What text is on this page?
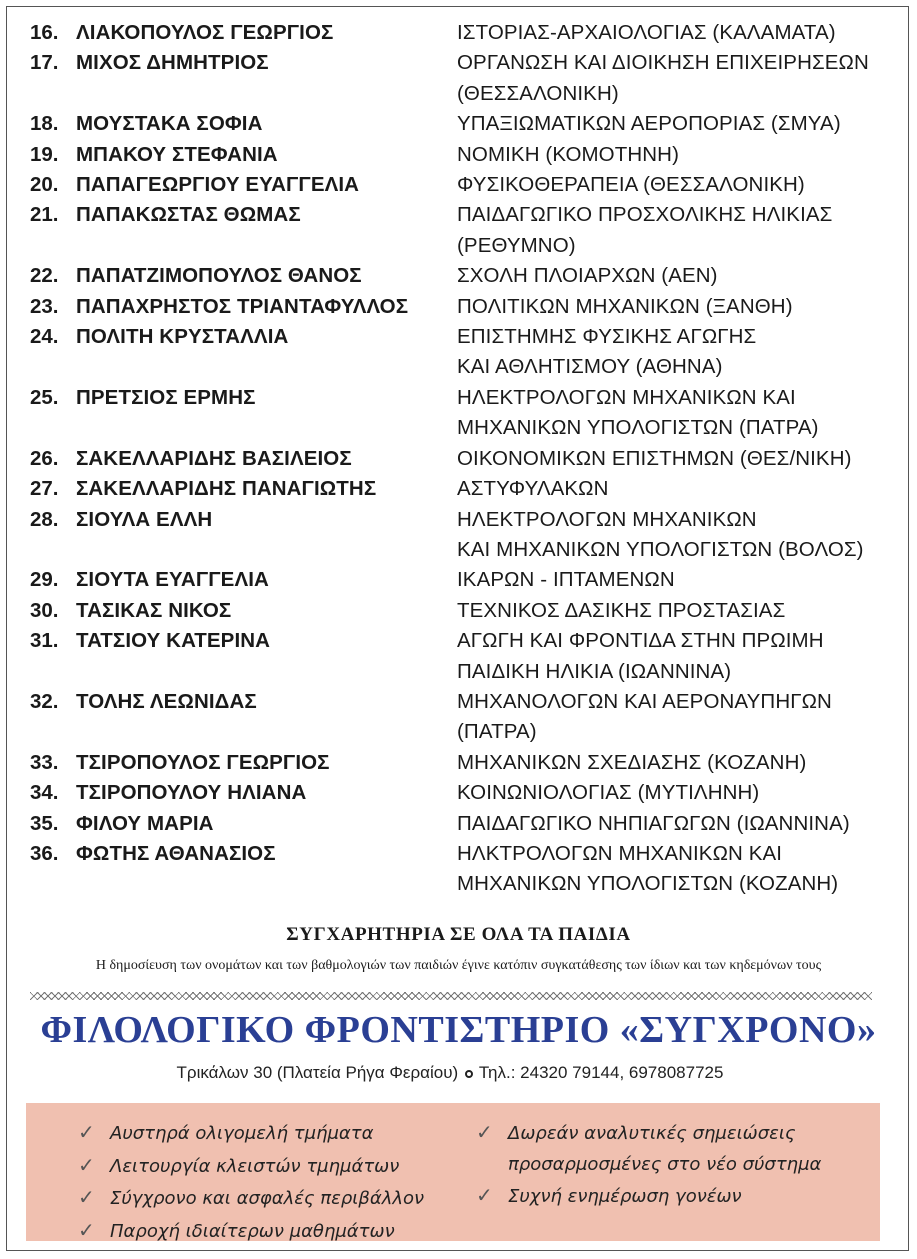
16. ΛΙΑΚΟΠΟΥΛΟΣ ΓΕΩΡΓΙΟΣ	ΙΣΤΟΡΙΑΣ-ΑΡΧΑΙΟΛΟΓΙΑΣ (ΚΑΛΑΜΑΤΑ)
17. ΜΙΧΟΣ ΔΗΜΗΤΡΙΟΣ	ΟΡΓΑΝΩΣΗ ΚΑΙ ΔΙΟΙΚΗΣΗ ΕΠΙΧΕΙΡΗΣΕΩΝ
(ΘΕΣΣΑΛΟΝΙΚΗ)
18. ΜΟΥΣΤΑΚΑ ΣΟΦΙΑ	ΥΠΑΞΙΩΜΑΤΙΚΩΝ ΑΕΡΟΠΟΡΙΑΣ (ΣΜΥΑ)
19. ΜΠΑΚΟΥ ΣΤΕΦΑΝΙΑ	ΝΟΜΙΚΗ (ΚΟΜΟΤΗΝΗ)
20. ΠΑΠΑΓΕΩΡΓΙΟΥ ΕΥΑΓΓΕΛΙΑ	ΦΥΣΙΚΟΘΕΡΑΠΕΙΑ (ΘΕΣΣΑΛΟΝΙΚΗ)
21. ΠΑΠΑΚΩΣΤΑΣ ΘΩΜΑΣ	ΠΑΙΔΑΓΩΓΙΚΟ ΠΡΟΣΧΟΛΙΚΗΣ ΗΛΙΚΙΑΣ
(ΡΕΘΥΜΝΟ)
22. ΠΑΠΑΤΖΙΜΟΠΟΥΛΟΣ ΘΑΝΟΣ	ΣΧΟΛΗ ΠΛΟΙΑΡΧΩΝ (ΑΕΝ)
23. ΠΑΠΑΧΡΗΣΤΟΣ ΤΡΙΑΝΤΑΦΥΛΛΟΣ	ΠΟΛΙΤΙΚΩΝ ΜΗΧΑΝΙΚΩΝ (ΞΑΝΘΗ)
24. ΠΟΛΙΤΗ ΚΡΥΣΤΑΛΛΙΑ	ΕΠΙΣΤΗΜΗΣ ΦΥΣΙΚΗΣ ΑΓΩΓΗΣ
ΚΑΙ ΑΘΛΗΤΙΣΜΟΥ (ΑΘΗΝΑ)
25. ΠΡΕΤΣΙΟΣ ΕΡΜΗΣ	ΗΛΕΚΤΡΟΛΟΓΩΝ ΜΗΧΑΝΙΚΩΝ ΚΑΙ
ΜΗΧΑΝΙΚΩΝ ΥΠΟΛΟΓΙΣΤΩΝ (ΠΑΤΡΑ)
26. ΣΑΚΕΛΛΑΡΙΔΗΣ ΒΑΣΙΛΕΙΟΣ	ΟΙΚΟΝΟΜΙΚΩΝ ΕΠΙΣΤΗΜΩΝ (ΘΕΣ/ΝΙΚΗ)
27. ΣΑΚΕΛΛΑΡΙΔΗΣ ΠΑΝΑΓΙΩΤΗΣ	ΑΣΤΥΦΥΛΑΚΩΝ
28. ΣΙΟΥΛΑ ΕΛΛΗ	ΗΛΕΚΤΡΟΛΟΓΩΝ ΜΗΧΑΝΙΚΩΝ
ΚΑΙ ΜΗΧΑΝΙΚΩΝ ΥΠΟΛΟΓΙΣΤΩΝ (ΒΟΛΟΣ)
29. ΣΙΟΥΤΑ ΕΥΑΓΓΕΛΙΑ	ΙΚΑΡΩΝ - ΙΠΤΑΜΕΝΩΝ
30. ΤΑΣΙΚΑΣ ΝΙΚΟΣ	ΤΕΧΝΙΚΟΣ ΔΑΣΙΚΗΣ ΠΡΟΣΤΑΣΙΑΣ
31. ΤΑΤΣΙΟΥ ΚΑΤΕΡΙΝΑ	ΑΓΩΓΗ ΚΑΙ ΦΡΟΝΤΙΔΑ ΣΤΗΝ ΠΡΩΙΜΗ
ΠΑΙΔΙΚΗ ΗΛΙΚΙΑ (ΙΩΑΝΝΙΝΑ)
32. ΤΟΛΗΣ ΛΕΩΝΙΔΑΣ	ΜΗΧΑΝΟΛΟΓΩΝ ΚΑΙ ΑΕΡΟΝΑΥΠΗΓΩΝ
(ΠΑΤΡΑ)
33. ΤΣΙΡΟΠΟΥΛΟΣ ΓΕΩΡΓΙΟΣ	ΜΗΧΑΝΙΚΩΝ ΣΧΕΔΙΑΣΗΣ (ΚΟΖΑΝΗ)
34. ΤΣΙΡΟΠΟΥΛΟΥ ΗΛΙΑΝΑ	ΚΟΙΝΩΝΙΟΛΟΓΙΑΣ (ΜΥΤΙΛΗΝΗ)
35. ΦΙΛΟΥ ΜΑΡΙΑ	ΠΑΙΔΑΓΩΓΙΚΟ ΝΗΠΙΑΓΩΓΩΝ (ΙΩΑΝΝΙΝΑ)
36. ΦΩΤΗΣ ΑΘΑΝΑΣΙΟΣ	ΗΛΚΤΡΟΛΟΓΩΝ ΜΗΧΑΝΙΚΩΝ ΚΑΙ
ΜΗΧΑΝΙΚΩΝ ΥΠΟΛΟΓΙΣΤΩΝ (ΚΟΖΑΝΗ)
ΣΥΓΧΑΡΗΤΗΡΙΑ ΣΕ ΟΛΑ ΤΑ ΠΑΙΔΙΑ
Η δημοσίευση των ονομάτων και των βαθμολογιών των παιδιών έγινε κατόπιν συγκατάθεσης των ίδιων και των κηδεμόνων τους
ΦΙΛΟΛΟΓΙΚΟ ΦΡΟΝΤΙΣΤΗΡΙΟ «ΣΥΓΧΡΟΝΟ»
Τρικάλων 30 (Πλατεία Ρήγα Φεραίου) Τηλ.: 24320 79144, 6978087725
✓ Αυστηρά ολιγομελή τμήματα
✓ Λειτουργία κλειστών τμημάτων
✓ Σύγχρονο και ασφαλές περιβάλλον
✓ Παροχή ιδιαίτερων μαθημάτων
✓ Δωρεάν αναλυτικές σημειώσεις
προσαρμοσμένες στο νέο σύστημα
✓ Συχνή ενημέρωση γονέων
